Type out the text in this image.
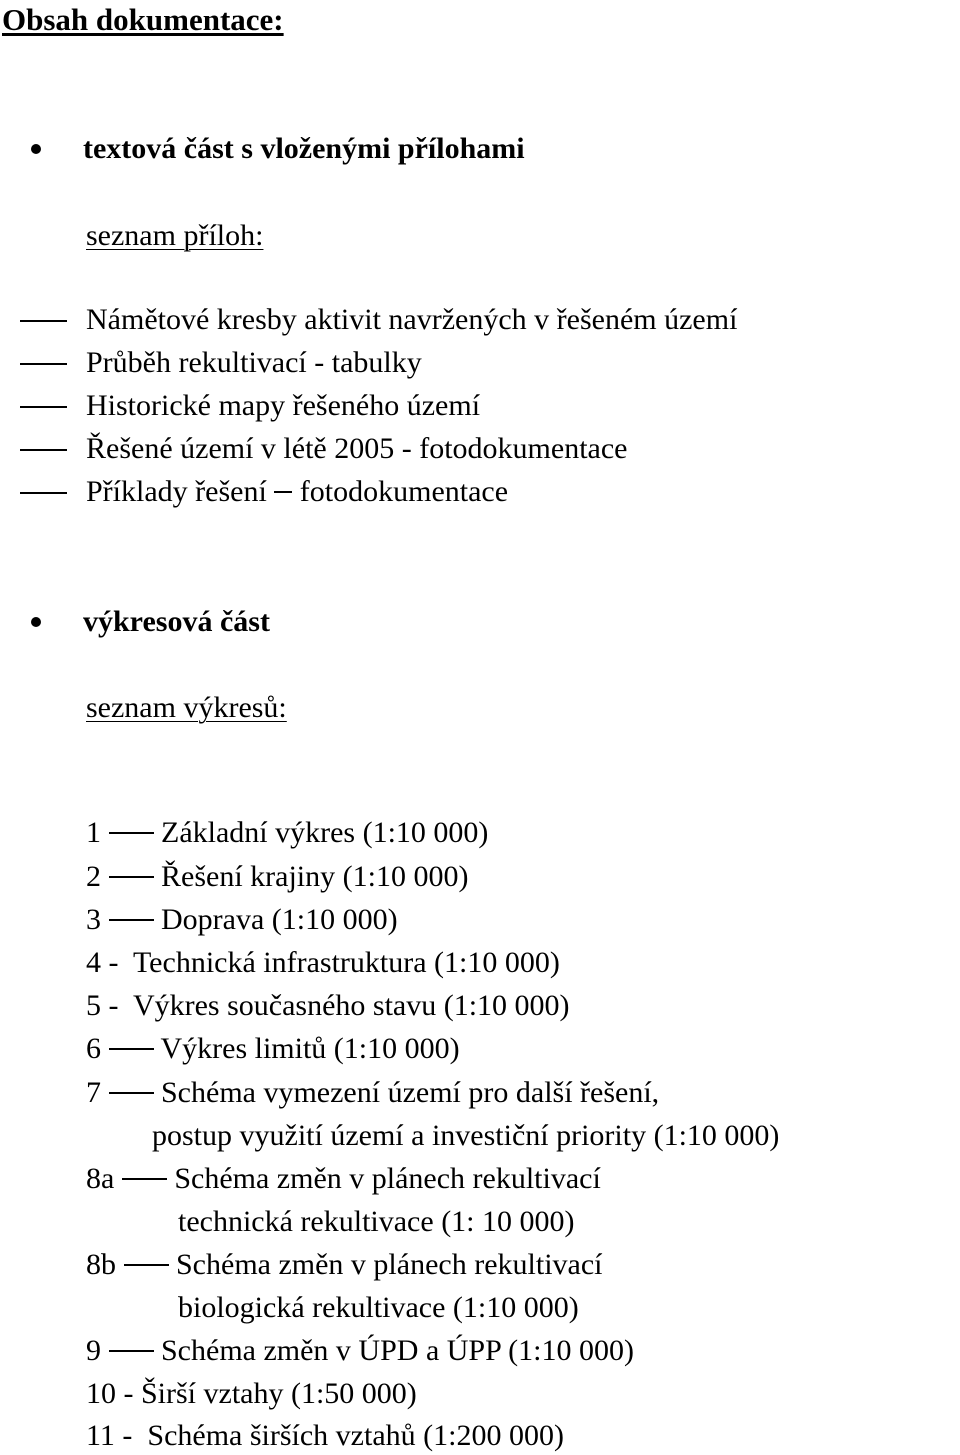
Obsah dokumentace:
textová část s vloženými přílohami
seznam příloh:
Námětové kresby aktivit navržených v řešeném území
Průběh rekultivací - tabulky
Historické mapy řešeného území
Řešené území v létě 2005 - fotodokumentace
Příklady řešení fotodokumentace
výkresová část
seznam výkresů:
1 Základní výkres (1:10 000)
2 Řešení krajiny (1:10 000)
3 Doprava (1:10 000)
4 -  Technická infrastruktura (1:10 000)
5 -  Výkres současného stavu (1:10 000)
6 Výkres limitů (1:10 000)
7 Schéma vymezení území pro další řešení,
postup využití území a investiční priority (1:10 000)
8a Schéma změn v plánech rekultivací
technická rekultivace (1: 10 000)
8b Schéma změn v plánech rekultivací
biologická rekultivace (1:10 000)
9 Schéma změn v ÚPD a ÚPP (1:10 000)
10 - Širší vztahy (1:50 000)
11 -  Schéma širších vztahů (1:200 000)
